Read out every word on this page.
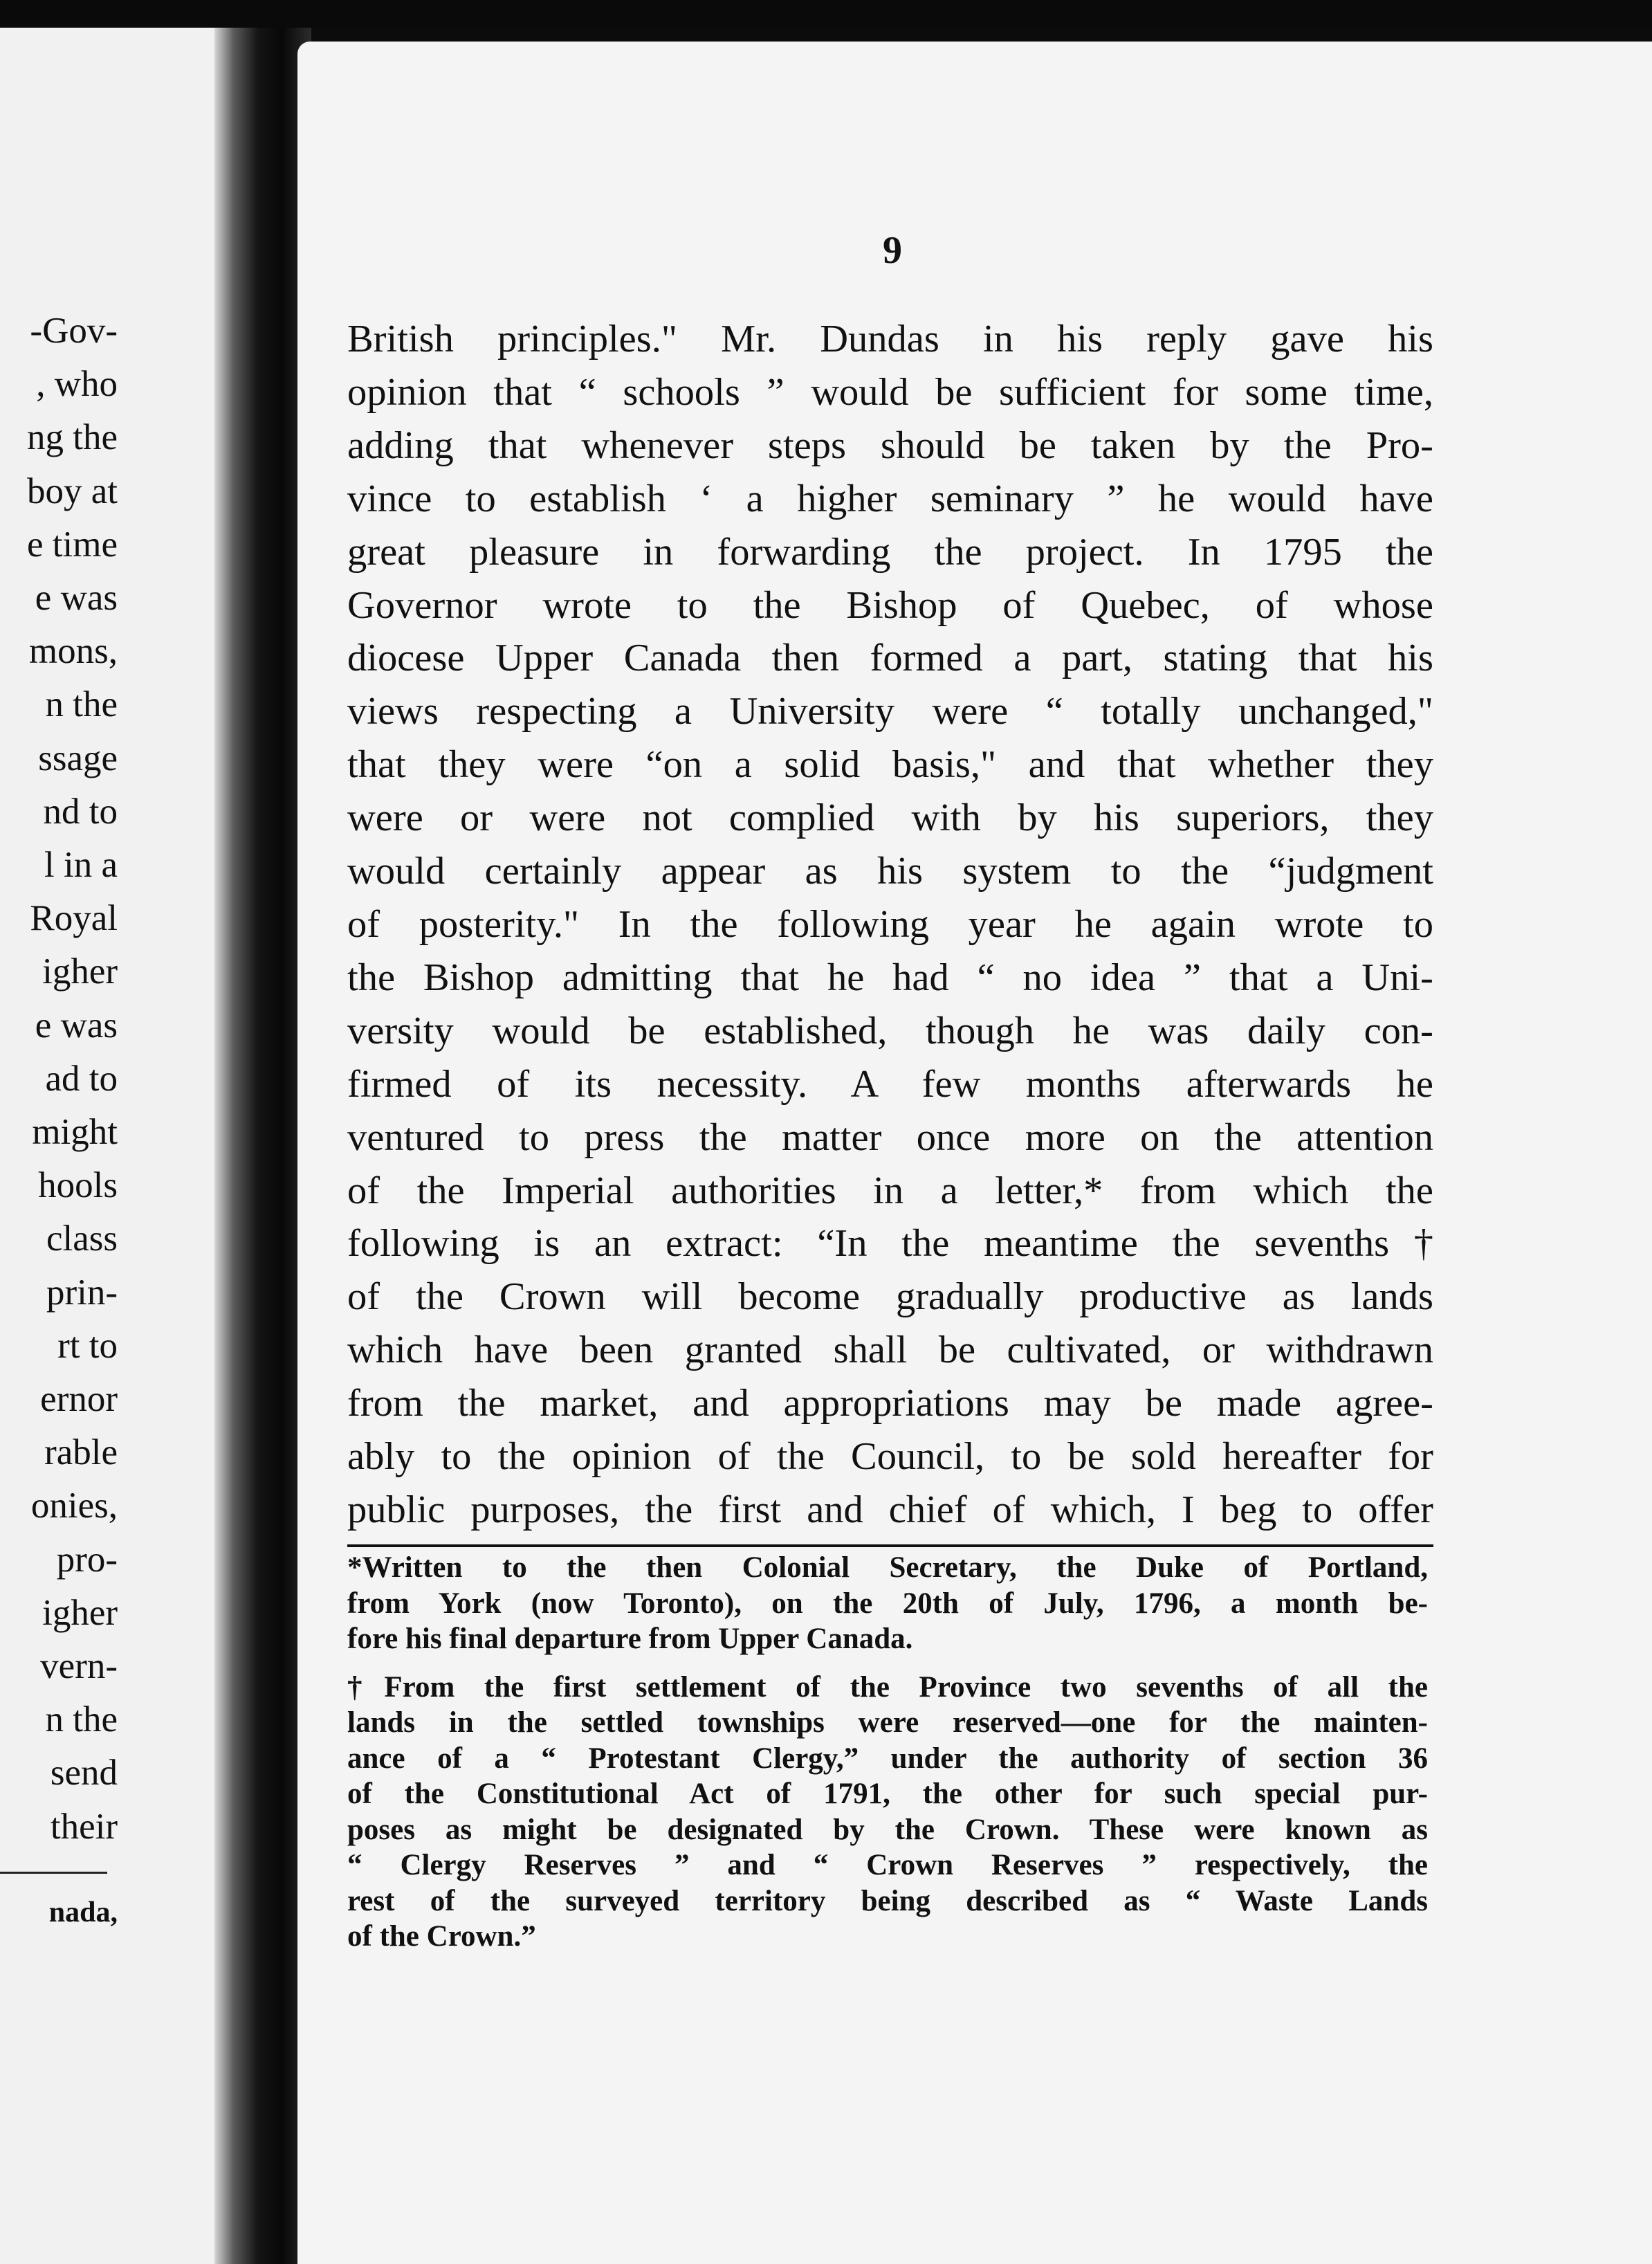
-Gov-
, who
ng the
boy at
e time
e was
mons,
n the
ssage
nd to
l in a
Royal
igher
e was
ad to
might
hools
class
prin-
rt to
ernor
rable
onies,
pro-
igher
vern-
n the
send
their
nada,
9
British principles." Mr. Dundas in his reply gave his
opinion that “ schools ” would be sufficient for some time,
adding that whenever steps should be taken by the Pro-
vince to establish ‘ a higher seminary ” he would have
great pleasure in forwarding the project. In 1795 the
Governor wrote to the Bishop of Quebec, of whose
diocese Upper Canada then formed a part, stating that his
views respecting a University were “ totally unchanged,"
that they were “on a solid basis," and that whether they
were or were not complied with by his superiors, they
would certainly appear as his system to the “judgment
of posterity." In the following year he again wrote to
the Bishop admitting that he had “ no idea ” that a Uni-
versity would be established, though he was daily con-
firmed of its necessity. A few months afterwards he
ventured to press the matter once more on the attention
of the Imperial authorities in a letter,* from which the
following is an extract: “In the meantime the sevenths†
of the Crown will become gradually productive as lands
which have been granted shall be cultivated, or withdrawn
from the market, and appropriations may be made agree-
ably to the opinion of the Council, to be sold hereafter for
public purposes, the first and chief of which, I beg to offer
*Written to the then Colonial Secretary, the Duke of Portland,
from York (now Toronto), on the 20th of July, 1796, a month be-
fore his final departure from Upper Canada.
†From the first settlement of the Province two sevenths of all the
lands in the settled townships were reserved—one for the mainten-
ance of a “ Protestant Clergy,” under the authority of section 36
of the Constitutional Act of 1791, the other for such special pur-
poses as might be designated by the Crown. These were known as
“ Clergy Reserves ” and “ Crown Reserves ” respectively, the
rest of the surveyed territory being described as “ Waste Lands
of the Crown.”
